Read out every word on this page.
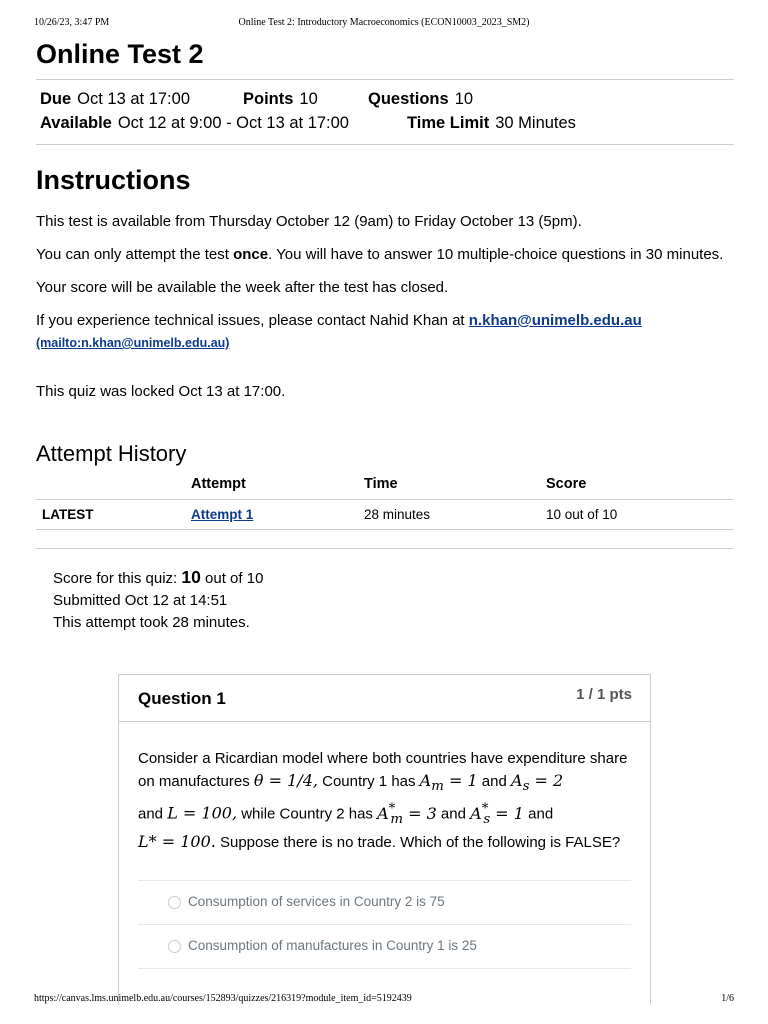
10/26/23, 3:47 PM	Online Test 2: Introductory Macroeconomics (ECON10003_2023_SM2)
Online Test 2
Due Oct 13 at 17:00	Points 10	Questions 10
Available Oct 12 at 9:00 - Oct 13 at 17:00	Time Limit 30 Minutes
Instructions

This test is available from Thursday October 12 (9am) to Friday October 13 (5pm).

You can only attempt the test once. You will have to answer 10 multiple-choice questions in 30 minutes.

Your score will be available the week after the test has closed.

If you experience technical issues, please contact Nahid Khan at n.khan@unimelb.edu.au
(mailto:n.khan@unimelb.edu.au)

This quiz was locked Oct 13 at 17:00.

Attempt History
	Attempt	Time	Score
LATEST	Attempt 1	28 minutes	10 out of 10
Score for this quiz: 10 out of 10
Submitted Oct 12 at 14:51
This attempt took 28 minutes.
Question 1	1 / 1 pts
Consider a Ricardian model where both countries have expenditure share on manufactures θ = 1/4, Country 1 has $A_m = 1$ and $A_s = 2$
and L = 100, while Country 2 has $A^*_m = 3$ and $A^*_s = 1$ and
L* = 100. Suppose there is no trade. Which of the following is FALSE?
Consumption of services in Country 2 is 75
Consumption of manufactures in Country 1 is 25
https://canvas.lms.unimelb.edu.au/courses/152893/quizzes/216319?module_item_id=5192439	1/6
